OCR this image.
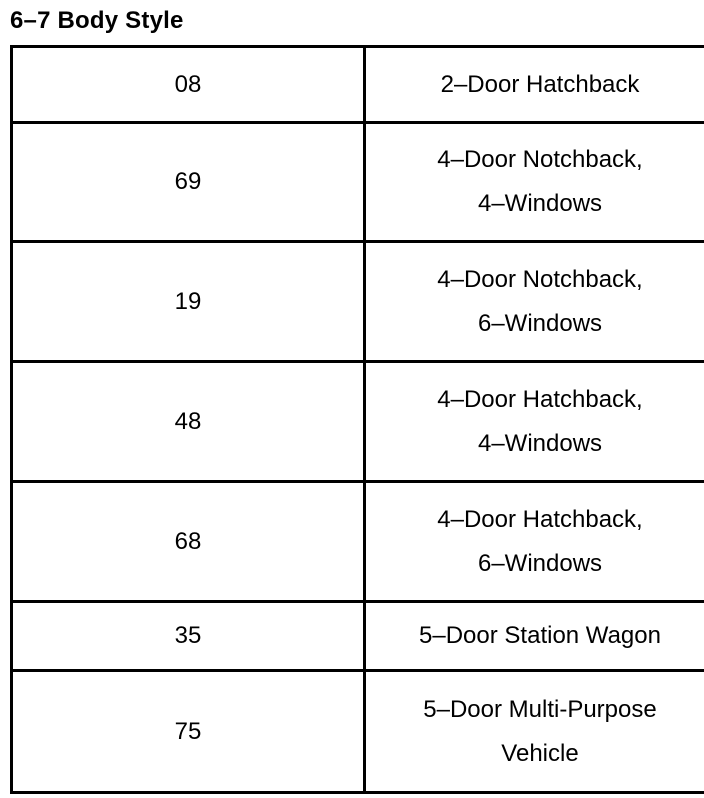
6–7 Body Style
08	2–Door Hatchback

69	4–Door Notchback,
4–Windows

19	4–Door Notchback,
6–Windows

48	4–Door Hatchback,
4–Windows

68	4–Door Hatchback,
6–Windows

35	5–Door Station Wagon

75	5–Door Multi-Purpose
Vehicle
